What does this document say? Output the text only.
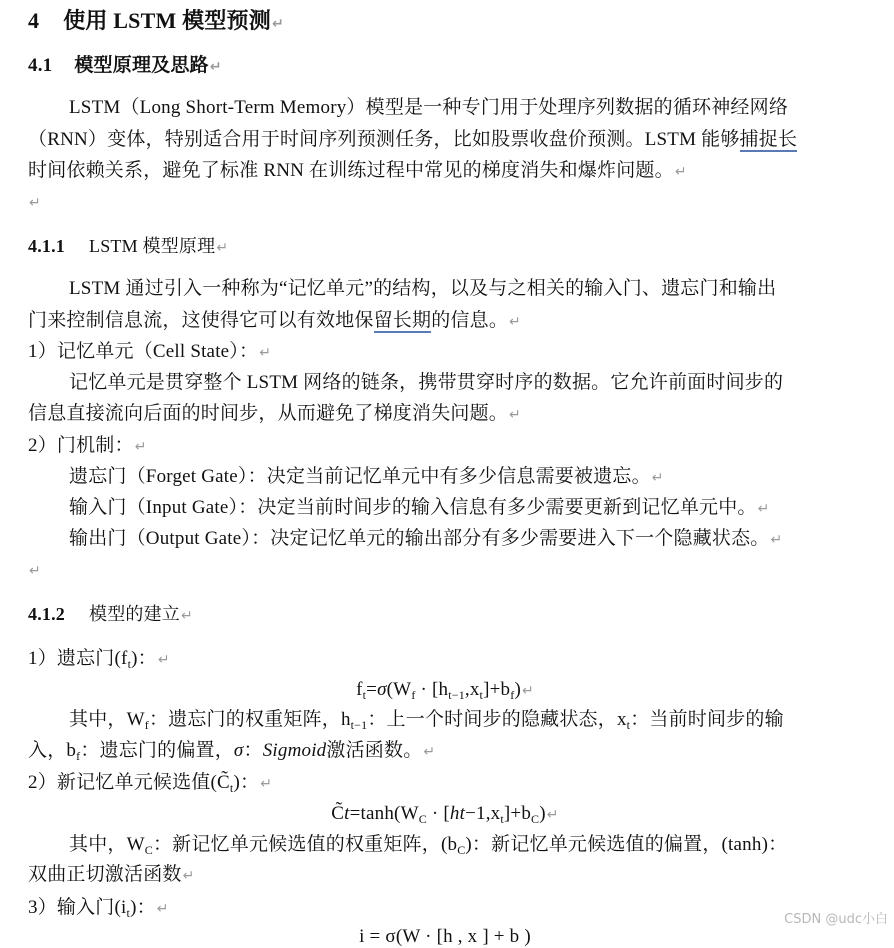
4 使用 LSTM 模型预测↵
4.1 模型原理及思路↵
LSTM（Long Short-Term Memory）模型是一种专门用于处理序列数据的循环神经网络
（RNN）变体，特别适合用于时间序列预测任务，比如股票收盘价预测。LSTM 能够捕捉长
时间依赖关系，避免了标准 RNN 在训练过程中常见的梯度消失和爆炸问题。↵
↵
4.1.1 LSTM 模型原理↵
LSTM 通过引入一种称为“记忆单元”的结构，以及与之相关的输入门、遗忘门和输出
门来控制信息流，这使得它可以有效地保留长期的信息。↵
1）记忆单元（Cell State）：↵
记忆单元是贯穿整个 LSTM 网络的链条，携带贯穿时序的数据。它允许前面时间步的
信息直接流向后面的时间步，从而避免了梯度消失问题。↵
2）门机制：↵
遗忘门（Forget Gate）：决定当前记忆单元中有多少信息需要被遗忘。↵
输入门（Input Gate）：决定当前时间步的输入信息有多少需要更新到记忆单元中。↵
输出门（Output Gate）：决定记忆单元的输出部分有多少需要进入下一个隐藏状态。↵
↵
4.1.2 模型的建立↵
1）遗忘门$(f_t)$：↵
$f_t=\sigma(W_f$ · $[h_{t-1},x_t]+b_f)↵$
其中，$W_f$：遗忘门的权重矩阵，$h_{t-1}$：上一个时间步的隐藏状态，$x_t$：当前时间步的输
入，$b_f$：遗忘门的偏置，σ：Sigmoid激活函数。↵
2）新记忆单元候选值$(C̃_t)$：↵
$C̃t=\tanh(W_C$ · $[ht-1,x_t]+b_C)↵$
其中，$W_C$：新记忆单元候选值的权重矩阵，$(b_C)$：新记忆单元候选值的偏置，(tanh)：
双曲正切激活函数↵
3）输入门$(i_t)$：↵
i = σ(W · [h , x ] + b )
CSDN @udc小白
